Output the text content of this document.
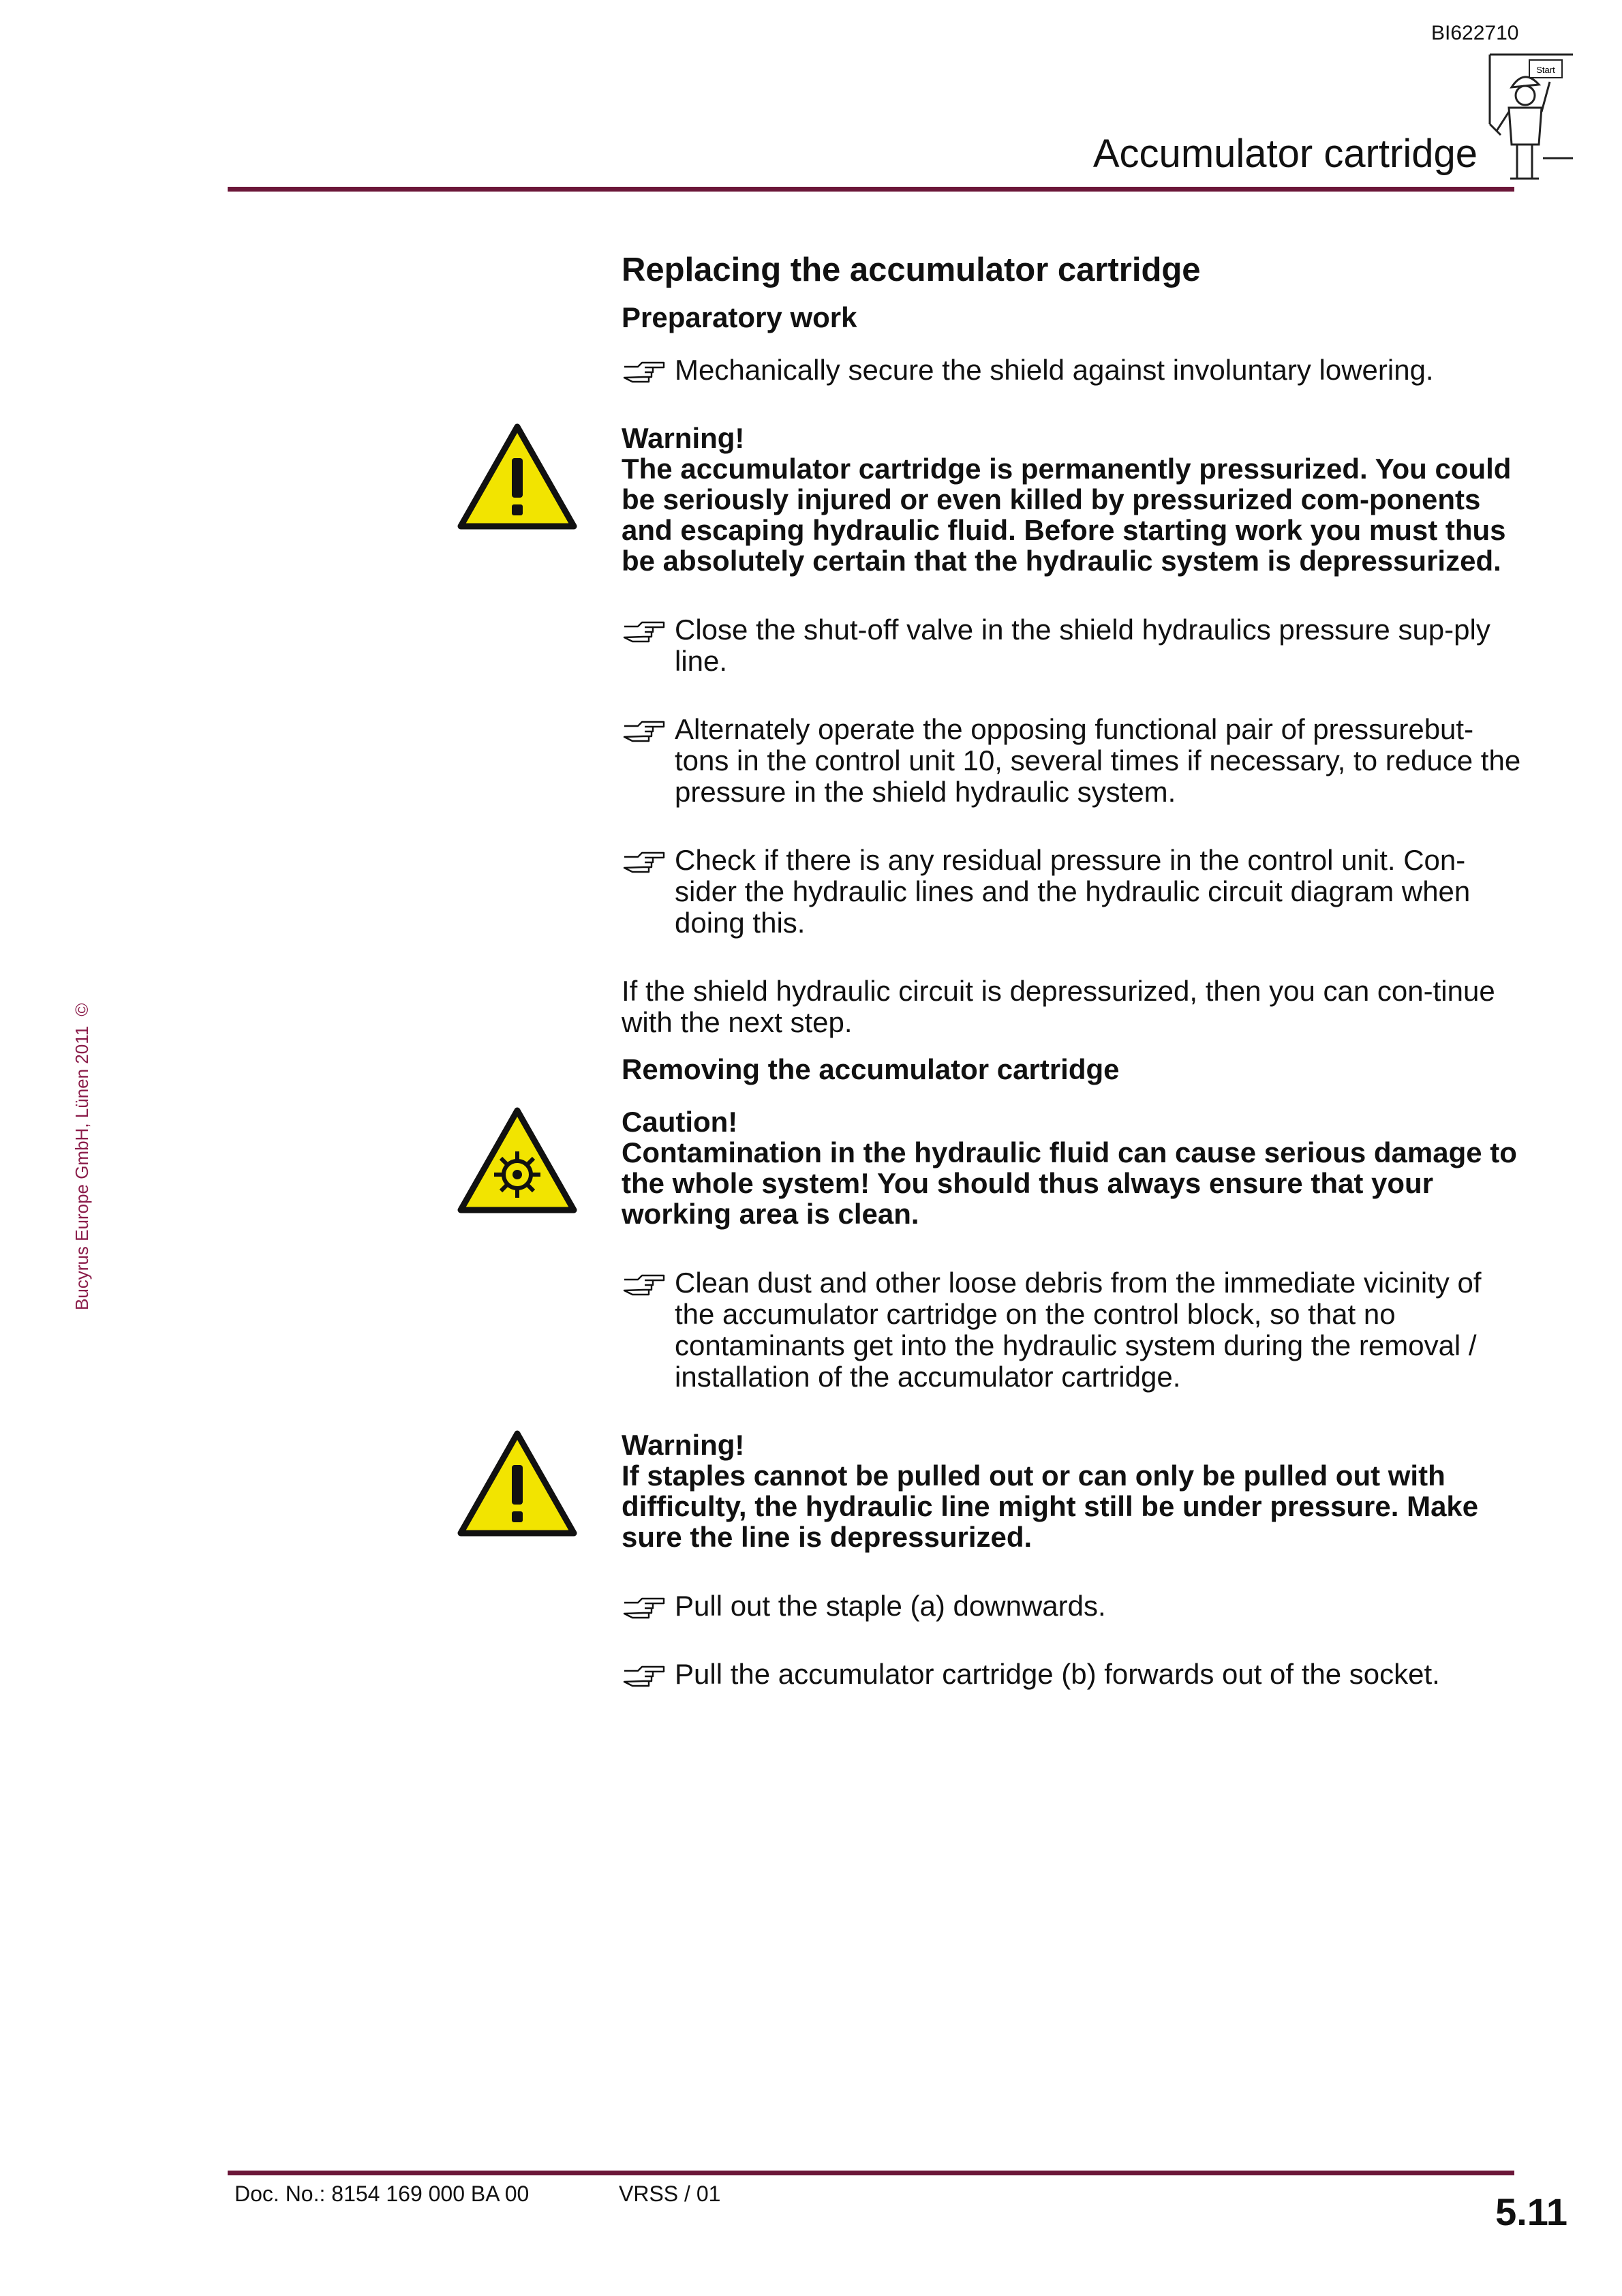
BI622710
Start
Accumulator cartridge
Bucyrus Europe GmbH, Lünen 2011©
Replacing the accumulator cartridge
Preparatory work
Mechanically secure the shield against involuntary lowering.
Warning!
The accumulator cartridge is permanently pressurized. You could be seriously injured or even killed by pressurized com-ponents and escaping hydraulic fluid. Before starting work you must thus be absolutely certain that the hydraulic system is depressurized.
Close the shut-off valve in the shield hydraulics pressure sup-ply line.
Alternately operate the opposing functional pair of pressurebut-tons in the control unit 10, several times if necessary, to reduce the pressure in the shield hydraulic system.
Check if there is any residual pressure in the control unit. Con-sider the hydraulic lines and the hydraulic circuit diagram when doing this.
If the shield hydraulic circuit is depressurized, then you can con-tinue with the next step.
Removing the accumulator cartridge
Caution!
Contamination in the hydraulic fluid can cause serious damage to the whole system! You should thus always ensure that your working area is clean.
Clean dust and other loose debris from the immediate vicinity of the accumulator cartridge on the control block, so that no contaminants get into the hydraulic system during the removal / installation of the accumulator cartridge.
Warning!
If staples cannot be pulled out or can only be pulled out with difficulty, the hydraulic line might still be under pressure. Make sure the line is depressurized.
Pull out the staple (a) downwards.
Pull the accumulator cartridge (b) forwards out of the socket.
Doc. No.: 8154 169 000 BA 00	VRSS / 01	5.11
